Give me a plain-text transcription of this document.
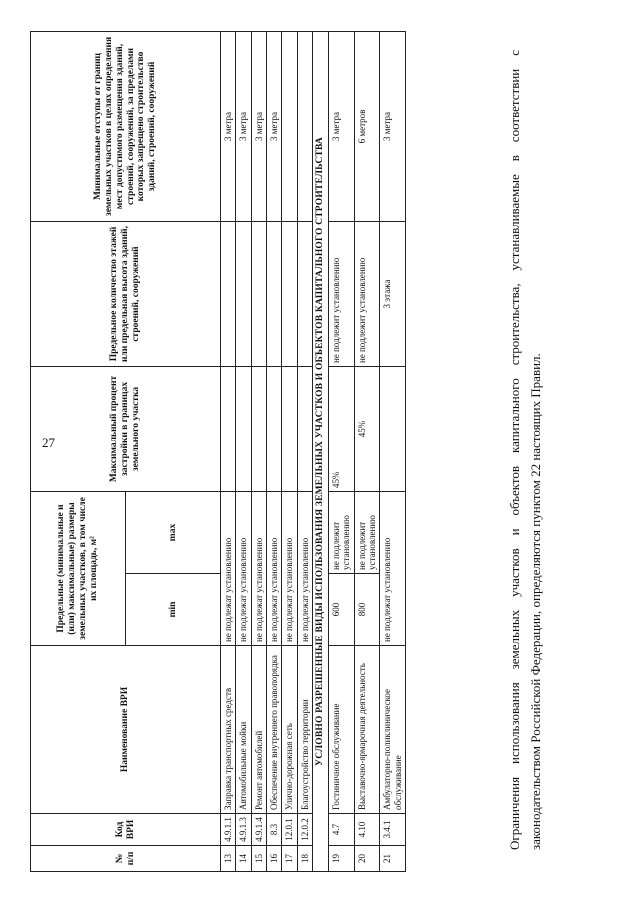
27
№ п/п	Код ВРИ	Наименование ВРИ	Предельные (минимальные и (или) максимальные) размеры земельных участков, в том числе их площадь, м²		Максимальный процент застройки в границах земельного участка	Предельное количество этажей или предельная высота зданий, строений, сооружений	Минимальные отступы от границ земельных участков в целях определения мест допустимого размещения зданий, строений, сооружений, за пределами которых запрещено строительство зданий, строений, сооружений
			min	max			
13	4.9.1.1	Заправка транспортных средств	не подлежат установлению				3 метра
14	4.9.1.3	Автомобильные мойки	не подлежат установлению				3 метра
15	4.9.1.4	Ремонт автомобилей	не подлежат установлению				3 метра
16	8.3	Обеспечение внутреннего правопорядка	не подлежат установлению				3 метра
17	12.0.1	Улично-дорожная сеть	не подлежат установлению				
18	12.0.2	Благоустройство территории	не подлежат установлению				
УСЛОВНО РАЗРЕШЕННЫЕ ВИДЫ ИСПОЛЬЗОВАНИЯ ЗЕМЕЛЬНЫХ УЧАСТКОВ И ОБЪЕКТОВ КАПИТАЛЬНОГО СТРОИТЕЛЬСТВА							
19	4.7	Гостиничное обслуживание	600	не подлежит установлению	45%	не подлежит установлению	3 метра
20	4.10	Выставочно-ярмарочная деятельность	800	не подлежит установлению	45%	не подлежит установлению	6 метров
21	3.4.1	Амбулаторно-поликлиническое обслуживание	не подлежат установлению			3 этажа	3 метра	Ограничения использования земельных участков и объектов капитального строительства, устанавливаемые в соответствии с законодательством Российской Федерации, определяются пунктом 22 настоящих Правил.
